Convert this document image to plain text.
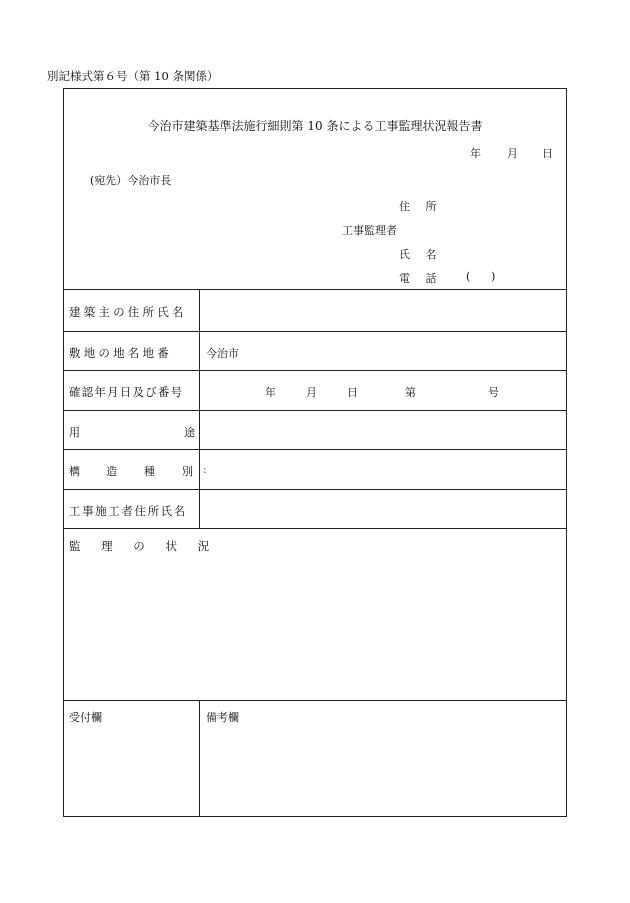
別記様式第６号（第 10 条関係）
今治市建築基準法施行細則第 10 条による工事監理状況報告書
年 月 日
(宛先）今治市長
住 所
工事監理者
氏 名
電 話 ( )
建築主の住所氏名
敷地の地名地番	今治市
確認年月日及び番号	年	月	日	第	号
用	途
構 造 種 別 :
工事施工者住所氏名
監 理 の 状 況
受付欄	備考欄
